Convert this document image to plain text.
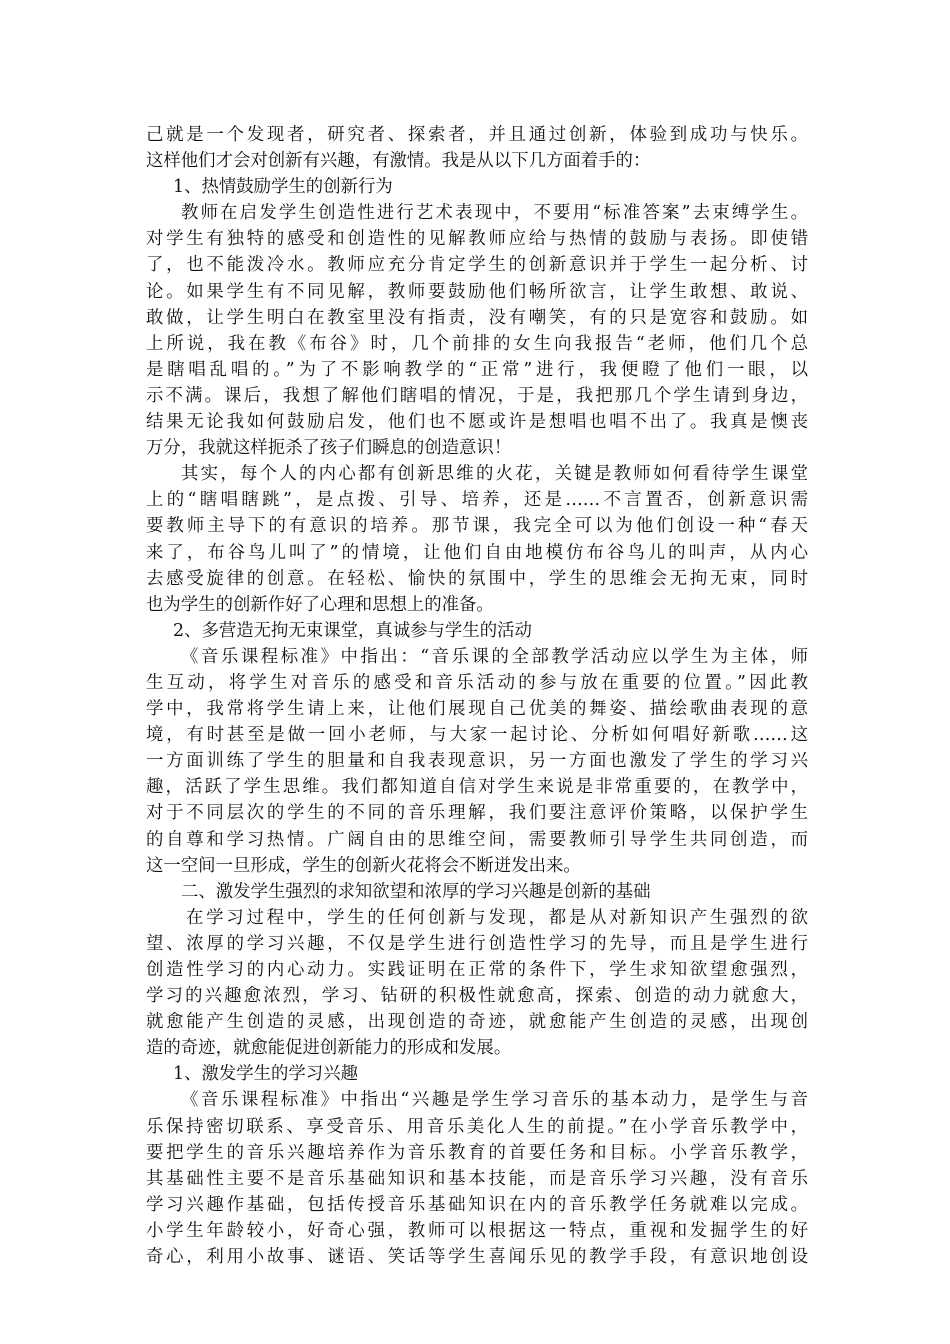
己就是一个发现者，研究者、探索者，并且通过创新，体验到成功与快乐。
这样他们才会对创新有兴趣，有激情。我是从以下几方面着手的：
1、热情鼓励学生的创新行为
教师在启发学生创造性进行艺术表现中，不要用“标准答案”去束缚学生。
对学生有独特的感受和创造性的见解教师应给与热情的鼓励与表扬。即使错
了，也不能泼冷水。教师应充分肯定学生的创新意识并于学生一起分析、讨
论。如果学生有不同见解，教师要鼓励他们畅所欲言，让学生敢想、敢说、
敢做，让学生明白在教室里没有指责，没有嘲笑，有的只是宽容和鼓励。如
上所说，我在教《布谷》时，几个前排的女生向我报告“老师，他们几个总
是瞎唱乱唱的。”为了不影响教学的“正常”进行，我便瞪了他们一眼，以
示不满。课后，我想了解他们瞎唱的情况，于是，我把那几个学生请到身边，
结果无论我如何鼓励启发，他们也不愿或许是想唱也唱不出了。我真是懊丧
万分，我就这样扼杀了孩子们瞬息的创造意识！
其实，每个人的内心都有创新思维的火花，关键是教师如何看待学生课堂
上的“瞎唱瞎跳”，是点拨、引导、培养，还是……不言置否，创新意识需
要教师主导下的有意识的培养。那节课，我完全可以为他们创设一种“春天
来了，布谷鸟儿叫了”的情境，让他们自由地模仿布谷鸟儿的叫声，从内心
去感受旋律的创意。在轻松、愉快的氛围中，学生的思维会无拘无束，同时
也为学生的创新作好了心理和思想上的准备。
2、多营造无拘无束课堂，真诚参与学生的活动
《音乐课程标准》中指出：“音乐课的全部教学活动应以学生为主体，师
生互动，将学生对音乐的感受和音乐活动的参与放在重要的位置。”因此教
学中，我常将学生请上来，让他们展现自己优美的舞姿、描绘歌曲表现的意
境，有时甚至是做一回小老师，与大家一起讨论、分析如何唱好新歌……这
一方面训练了学生的胆量和自我表现意识，另一方面也激发了学生的学习兴
趣，活跃了学生思维。我们都知道自信对学生来说是非常重要的，在教学中，
对于不同层次的学生的不同的音乐理解，我们要注意评价策略，以保护学生
的自尊和学习热情。广阔自由的思维空间，需要教师引导学生共同创造，而
这一空间一旦形成，学生的创新火花将会不断迸发出来。
二、激发学生强烈的求知欲望和浓厚的学习兴趣是创新的基础
在学习过程中，学生的任何创新与发现，都是从对新知识产生强烈的欲
望、浓厚的学习兴趣，不仅是学生进行创造性学习的先导，而且是学生进行
创造性学习的内心动力。实践证明在正常的条件下，学生求知欲望愈强烈，
学习的兴趣愈浓烈，学习、钻研的积极性就愈高，探索、创造的动力就愈大，
就愈能产生创造的灵感，出现创造的奇迹，就愈能产生创造的灵感，出现创
造的奇迹，就愈能促进创新能力的形成和发展。
1、激发学生的学习兴趣
《音乐课程标准》中指出“兴趣是学生学习音乐的基本动力，是学生与音
乐保持密切联系、享受音乐、用音乐美化人生的前提。”在小学音乐教学中，
要把学生的音乐兴趣培养作为音乐教育的首要任务和目标。小学音乐教学，
其基础性主要不是音乐基础知识和基本技能，而是音乐学习兴趣，没有音乐
学习兴趣作基础，包括传授音乐基础知识在内的音乐教学任务就难以完成。
小学生年龄较小，好奇心强，教师可以根据这一特点，重视和发掘学生的好
奇心，利用小故事、谜语、笑话等学生喜闻乐见的教学手段，有意识地创设
